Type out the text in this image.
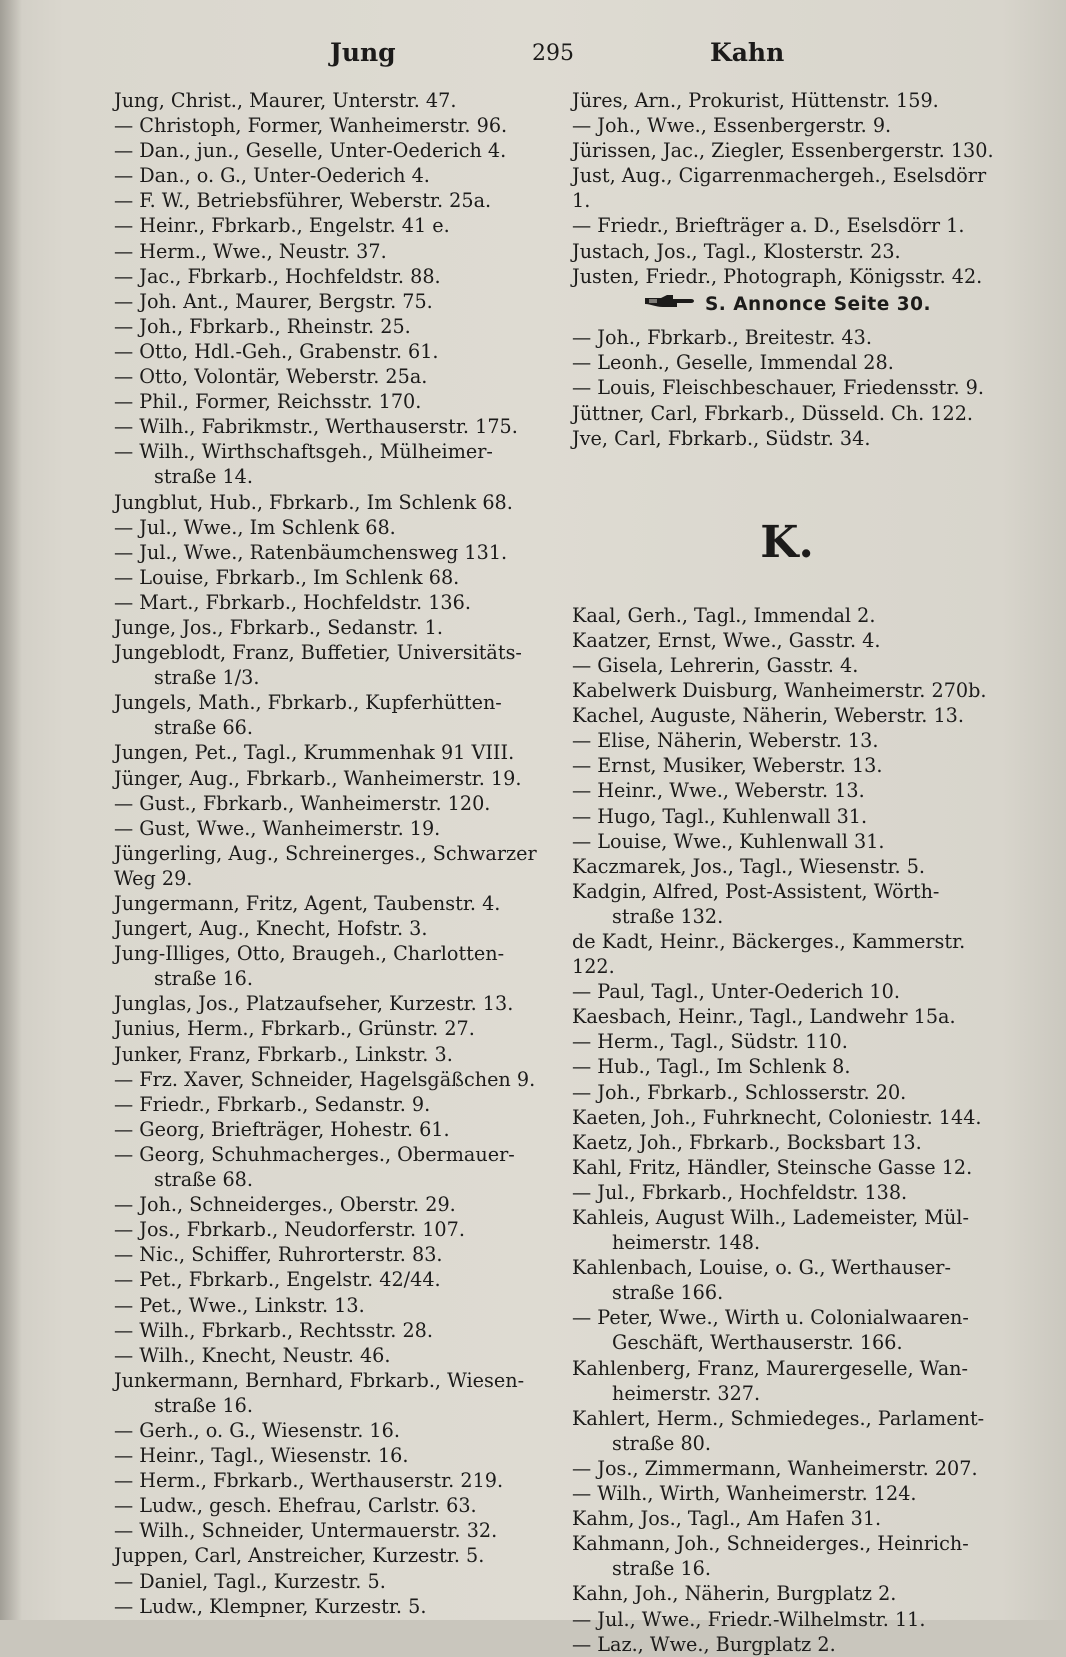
Jung	295	Kahn

Jung, Christ., Maurer, Unterstr. 47.

— Christoph, Former, Wanheimerstr. 96.

— Dan., jun., Geselle, Unter-Oederich 4.

— Dan., o. G., Unter-Oederich 4.

— F. W., Betriebsführer, Weberstr. 25a.

— Heinr., Fbrkarb., Engelstr. 41 e.

— Herm., Wwe., Neustr. 37.

— Jac., Fbrkarb., Hochfeldstr. 88.

— Joh. Ant., Maurer, Bergstr. 75.

— Joh., Fbrkarb., Rheinstr. 25.

— Otto, Hdl.-Geh., Grabenstr. 61.

— Otto, Volontär, Weberstr. 25a.

— Phil., Former, Reichsstr. 170.

— Wilh., Fabrikmstr., Werthauserstr. 175.

— Wilh., Wirthschaftsgeh., Mülheimer-

straße 14.

Jungblut, Hub., Fbrkarb., Im Schlenk 68.

— Jul., Wwe., Im Schlenk 68.

— Jul., Wwe., Ratenbäumchensweg 131.

— Louise, Fbrkarb., Im Schlenk 68.

— Mart., Fbrkarb., Hochfeldstr. 136.

Junge, Jos., Fbrkarb., Sedanstr. 1.

Jungeblodt, Franz, Buffetier, Universitäts-

straße 1/3.

Jungels, Math., Fbrkarb., Kupferhütten-

straße 66.

Jungen, Pet., Tagl., Krummenhak 91 VIII.

Jünger, Aug., Fbrkarb., Wanheimerstr. 19.

— Gust., Fbrkarb., Wanheimerstr. 120.

— Gust, Wwe., Wanheimerstr. 19.

Jüngerling, Aug., Schreinerges., Schwarzer

Weg 29.

Jungermann, Fritz, Agent, Taubenstr. 4.

Jungert, Aug., Knecht, Hofstr. 3.

Jung-Illiges, Otto, Braugeh., Charlotten-

straße 16.

Junglas, Jos., Platzaufseher, Kurzestr. 13.

Junius, Herm., Fbrkarb., Grünstr. 27.

Junker, Franz, Fbrkarb., Linkstr. 3.

— Frz. Xaver, Schneider, Hagelsgäßchen 9.

— Friedr., Fbrkarb., Sedanstr. 9.

— Georg, Briefträger, Hohestr. 61.

— Georg, Schuhmacherges., Obermauer-

straße 68.

— Joh., Schneiderges., Oberstr. 29.

— Jos., Fbrkarb., Neudorferstr. 107.

— Nic., Schiffer, Ruhrorterstr. 83.

— Pet., Fbrkarb., Engelstr. 42/44.

— Pet., Wwe., Linkstr. 13.

— Wilh., Fbrkarb., Rechtsstr. 28.

— Wilh., Knecht, Neustr. 46.

Junkermann, Bernhard, Fbrkarb., Wiesen-

straße 16.

— Gerh., o. G., Wiesenstr. 16.

— Heinr., Tagl., Wiesenstr. 16.

— Herm., Fbrkarb., Werthauserstr. 219.

— Ludw., gesch. Ehefrau, Carlstr. 63.

— Wilh., Schneider, Untermauerstr. 32.

Juppen, Carl, Anstreicher, Kurzestr. 5.

— Daniel, Tagl., Kurzestr. 5.

— Ludw., Klempner, Kurzestr. 5.

Jüres, Arn., Prokurist, Hüttenstr. 159.

— Joh., Wwe., Essenbergerstr. 9.

Jürissen, Jac., Ziegler, Essenbergerstr. 130.

Just, Aug., Cigarrenmachergeh., Eselsdörr 1.

— Friedr., Briefträger a. D., Eselsdörr 1.

Justach, Jos., Tagl., Klosterstr. 23.

Justen, Friedr., Photograph, Königsstr. 42.

S. Annonce Seite 30.

— Joh., Fbrkarb., Breitestr. 43.

— Leonh., Geselle, Immendal 28.

— Louis, Fleischbeschauer, Friedensstr. 9.

Jüttner, Carl, Fbrkarb., Düsseld. Ch. 122.

Jve, Carl, Fbrkarb., Südstr. 34.

K.

Kaal, Gerh., Tagl., Immendal 2.

Kaatzer, Ernst, Wwe., Gasstr. 4.

— Gisela, Lehrerin, Gasstr. 4.

Kabelwerk Duisburg, Wanheimerstr. 270b.

Kachel, Auguste, Näherin, Weberstr. 13.

— Elise, Näherin, Weberstr. 13.

— Ernst, Musiker, Weberstr. 13.

— Heinr., Wwe., Weberstr. 13.

— Hugo, Tagl., Kuhlenwall 31.

— Louise, Wwe., Kuhlenwall 31.

Kaczmarek, Jos., Tagl., Wiesenstr. 5.

Kadgin, Alfred, Post-Assistent, Wörth-

straße 132.

de Kadt, Heinr., Bäckerges., Kammerstr. 122.

— Paul, Tagl., Unter-Oederich 10.

Kaesbach, Heinr., Tagl., Landwehr 15a.

— Herm., Tagl., Südstr. 110.

— Hub., Tagl., Im Schlenk 8.

— Joh., Fbrkarb., Schlosserstr. 20.

Kaeten, Joh., Fuhrknecht, Coloniestr. 144.

Kaetz, Joh., Fbrkarb., Bocksbart 13.

Kahl, Fritz, Händler, Steinsche Gasse 12.

— Jul., Fbrkarb., Hochfeldstr. 138.

Kahleis, August Wilh., Lademeister, Mül-

heimerstr. 148.

Kahlenbach, Louise, o. G., Werthauser-

straße 166.

— Peter, Wwe., Wirth u. Colonialwaaren-

Geschäft, Werthauserstr. 166.

Kahlenberg, Franz, Maurergeselle, Wan-

heimerstr. 327.

Kahlert, Herm., Schmiedeges., Parlament-

straße 80.

— Jos., Zimmermann, Wanheimerstr. 207.

— Wilh., Wirth, Wanheimerstr. 124.

Kahm, Jos., Tagl., Am Hafen 31.

Kahmann, Joh., Schneiderges., Heinrich-

straße 16.

Kahn, Joh., Näherin, Burgplatz 2.

— Jul., Wwe., Friedr.-Wilhelmstr. 11.

— Laz., Wwe., Burgplatz 2.
